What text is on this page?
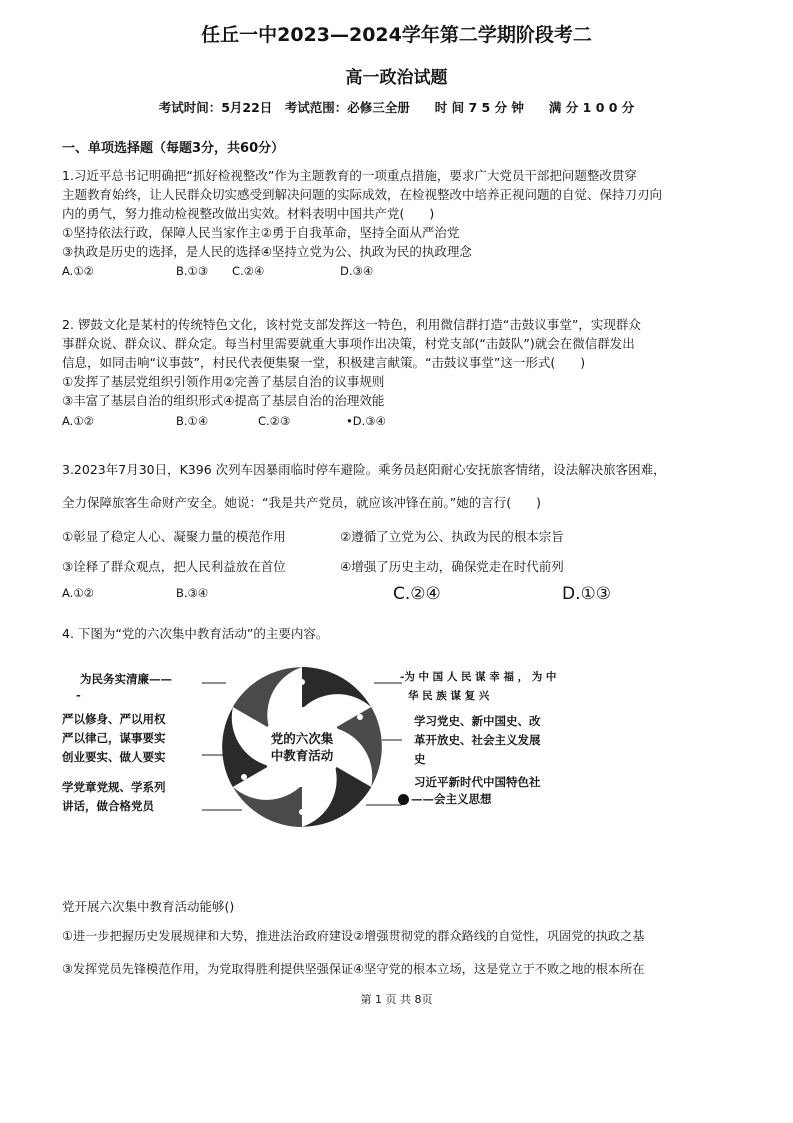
任丘一中2023—2024学年第二学期阶段考二
高一政治试题
考试时间：5月22日　考试范围：必修三全册　　时 间 7 5 分 钟　　满 分 1 0 0 分
一、单项选择题（每题3分，共60分）
1.习近平总书记明确把“抓好检视整改”作为主题教育的一项重点措施，要求广大党员干部把问题整改贯穿
主题教育始终，让人民群众切实感受到解决问题的实际成效，在检视整改中培养正视问题的自觉、保持刀刃向
内的勇气，努力推动检视整改做出实效。材料表明中国共产党(　　)
①坚持依法行政，保障人民当家作主②勇于自我革命，坚持全面从严治党
③执政是历史的选择，是人民的选择④坚持立党为公、执政为民的执政理念
A.①②	B.①③ C.②④	D.③④
2. 锣鼓文化是某村的传统特色文化，该村党支部发挥这一特色，利用微信群打造“击鼓议事堂”，实现群众
事群众说、群众议、群众定。每当村里需要就重大事项作出决策，村党支部(“击鼓队”)就会在微信群发出
信息，如同击响“议事鼓”，村民代表便集聚一堂，积极建言献策。“击鼓议事堂”这一形式(　　)
①发挥了基层党组织引领作用②完善了基层自治的议事规则
③丰富了基层自治的组织形式④提高了基层自治的治理效能
A.①②	B.①④	C.②③	•D.③④
3.2023年7月30日，K396 次列车因暴雨临时停车避险。乘务员赵阳耐心安抚旅客情绪，设法解决旅客困难，
全力保障旅客生命财产安全。她说：“我是共产党员，就应该冲锋在前。”她的言行(　　)
①彰显了稳定人心、凝聚力量的模范作用	②遵循了立党为公、执政为民的根本宗旨
③诠释了群众观点，把人民利益放在首位	④增强了历史主动，确保党走在时代前列
A.①②	B.③④	C.②④	D.①③
4. 下图为“党的六次集中教育活动”的主要内容。
为民务实清廉——
-
严以修身、严以用权
严以律己，谋事要实
创业要实、做人要实
学党章党规、学系列
讲话，做合格党员
党的六次集
中教育活动
-为 中 国 人 民 谋 幸 福 ， 为 中
华 民 族 谋 复 兴
学习党史、新中国史、改
革开放史、社会主义发展
史
习近平新时代中国特色社
——会主义思想
党开展六次集中教育活动能够()
①进一步把握历史发展规律和大势，推进法治政府建设②增强贯彻党的群众路线的自觉性，巩固党的执政之基
③发挥党员先锋模范作用，为党取得胜利提供坚强保证④坚守党的根本立场，这是党立于不败之地的根本所在
第 1 页 共 8页
